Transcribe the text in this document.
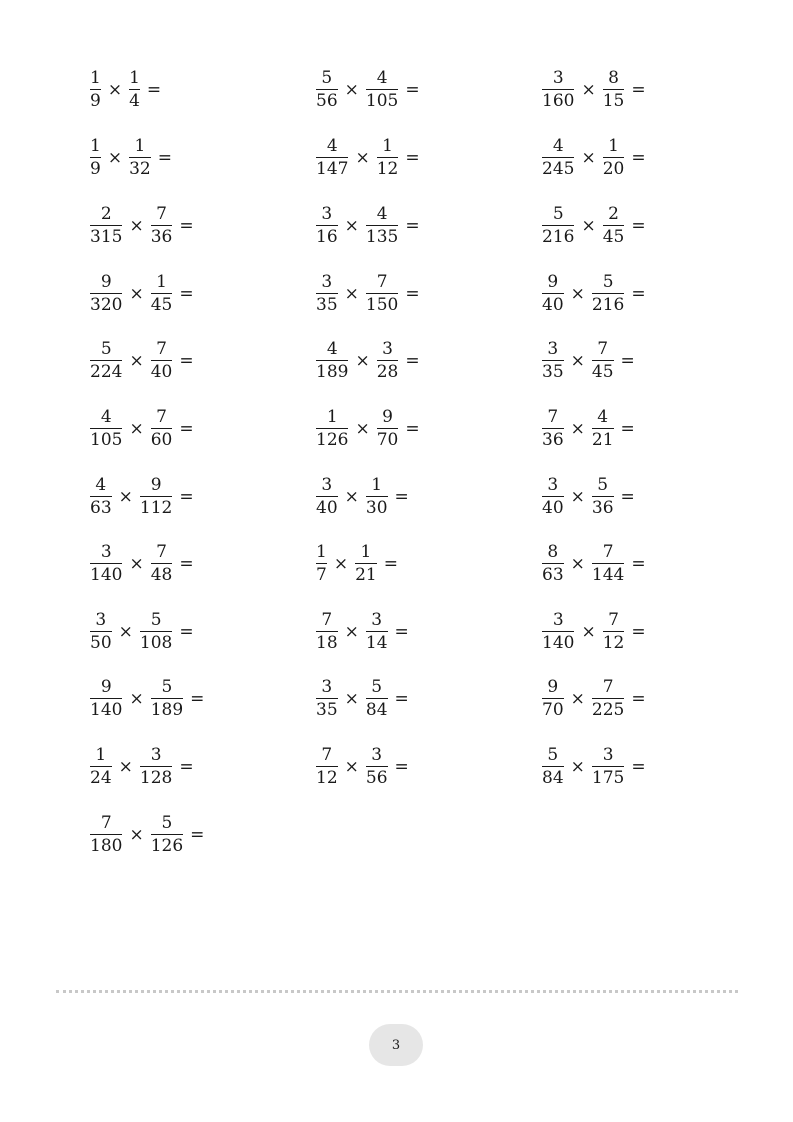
$\frac{1}{9} \times \frac{1}{4}$ =	$\frac{5}{56} \times \frac{4}{105}$ =	$\frac{3}{160} \times \frac{8}{15}$ =
$\frac{1}{9} \times \frac{1}{32}$ =	$\frac{4}{147} \times \frac{1}{12}$ =	$\frac{4}{245} \times \frac{1}{20}$ =
$\frac{2}{315} \times \frac{7}{36}$ =	$\frac{3}{16} \times \frac{4}{135}$ =	$\frac{5}{216} \times \frac{2}{45}$ =
$\frac{9}{320} \times \frac{1}{45}$ =	$\frac{3}{35} \times \frac{7}{150}$ =	$\frac{9}{40} \times \frac{5}{216}$ =
$\frac{5}{224} \times \frac{7}{40}$ =	$\frac{4}{189} \times \frac{3}{28}$ =	$\frac{3}{35} \times \frac{7}{45}$ =
$\frac{4}{105} \times \frac{7}{60}$ =	$\frac{1}{126} \times \frac{9}{70}$ =	$\frac{7}{36} \times \frac{4}{21}$ =
$\frac{4}{63} \times \frac{9}{112}$ =	$\frac{3}{40} \times \frac{1}{30}$ =	$\frac{3}{40} \times \frac{5}{36}$ =
$\frac{3}{140} \times \frac{7}{48}$ =	$\frac{1}{7} \times \frac{1}{21}$ =	$\frac{8}{63} \times \frac{7}{144}$ =
$\frac{3}{50} \times \frac{5}{108}$ =	$\frac{7}{18} \times \frac{3}{14}$ =	$\frac{3}{140} \times \frac{7}{12}$ =
$\frac{9}{140} \times \frac{5}{189}$ =	$\frac{3}{35} \times \frac{5}{84}$ =	$\frac{9}{70} \times \frac{7}{225}$ =
$\frac{1}{24} \times \frac{3}{128}$ =	$\frac{7}{12} \times \frac{3}{56}$ =	$\frac{5}{84} \times \frac{3}{175}$ =
$\frac{7}{180} \times \frac{5}{126}$ =
3
